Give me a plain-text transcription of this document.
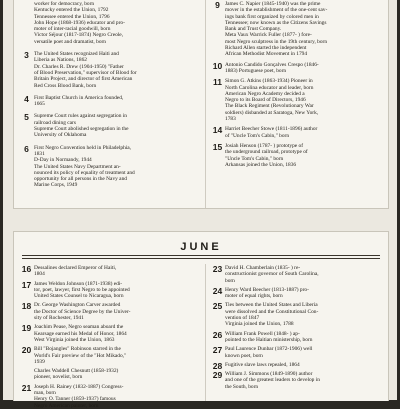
worker for democracy, born
Kentucky entered the Union, 1792
Tennessee entered the Union, 1796
John Hope (1868-1936) educator and pro-
moter of inter-racial goodwill, born
Victor Séjour (1817-1874) Negro Creole,
versatile poet and dramatist, born
3 The United States recognized Haiti and
Liberia as Nations, 1862
Dr. Charles R. Drew (1904-1950) "Father
of Blood Preservation," supervisor of Blood for
Britain Project, and director of first American
Red Cross Blood Bank, born
4 First Baptist Church in America founded,
1665
5 Supreme Court rules against segregation in
railroad dining cars
Supreme Court abolished segregation in the
University of Oklahoma
6 First Negro Convention held in Philadelphia,
1831
D-Day in Normandy, 1944
The United States Navy Department an-
nounced its policy of equality of treatment and
opportunity for all persons in the Navy and
Marine Corps, 1949
9 James C. Napier (1845-1940) was the prime
mover in the establishment of the one-cent sav-
ings bank first organized by colored men in
Tennessee; now known as the Citizens Savings
Bank and Trust Company.
Meta Vaux Warrick Fuller (1877- ) fore-
most Negro sculptress in the 19th century, born
Richard Allen started the independent
African Methodist Movement in 1794
10 Antonio Candido Gonçalves Crespo (1846-
1883) Portuguese poet, born
11 Simon G. Atkins (1863-1934) Pioneer in
North Carolina educator and leader, born
American Negro Academy decided a
Negro to its Board of Directors, 1946
The Black Regiment (Revolutionary War
soldiers) disbanded at Saratoga, New York,
1783
14 Harriet Beecher Stowe (1811-1896) author
of "Uncle Tom's Cabin," born
15 Josiah Henson (1787- ) prototype of
the underground railroad, prototype of
"Uncle Tom's Cabin," born
Arkansas joined the Union, 1836
JUNE
16 Dessalines declared Emperor of Haiti,
1804
17 James Weldon Johnson (1871-1938) edi-
tor, poet, lawyer, first Negro to be appointed
United States Counsel to Nicaragua, born
18 Dr. George Washington Carver awarded
the Doctor of Science Degree by the Univer-
sity of Rochester, 1941
19 Joachim Pease, Negro seaman aboard the
Kearsage earned his Medal of Honor, 1864
West Virginia joined the Union, 1863
20 Bill "Bojangles" Robinson starred in the
World's Fair preview of the "Hot Mikado,"
1939
Charles Waddell Chesnutt (1858-1932)
pioneer, novelist, born
21 Joseph H. Rainey (1832-1887) Congress-
man, born
Henry O. Tanner (1859-1937) famous
Negro American painter, born
23 David H. Chamberlain (1835- ) re-
constructionist governor of South Carolina,
born
24 Henry Ward Beecher (1813-1887) pro-
moter of equal rights, born
25 Ties between the United States and Liberia
were dissolved and the Constitutional Con-
vention of 1847
Virginia joined the Union, 1788
26 William Frank Powell (1848- ) ap-
pointed to the Haitian ministership, born
27 Paul Laurence Dunbar (1872-1906) well
known poet, born
28 Fugitive slave laws repealed, 1864
29 William J. Simmons (1849-1890) author
and one of the greatest leaders to develop in
the South, born
